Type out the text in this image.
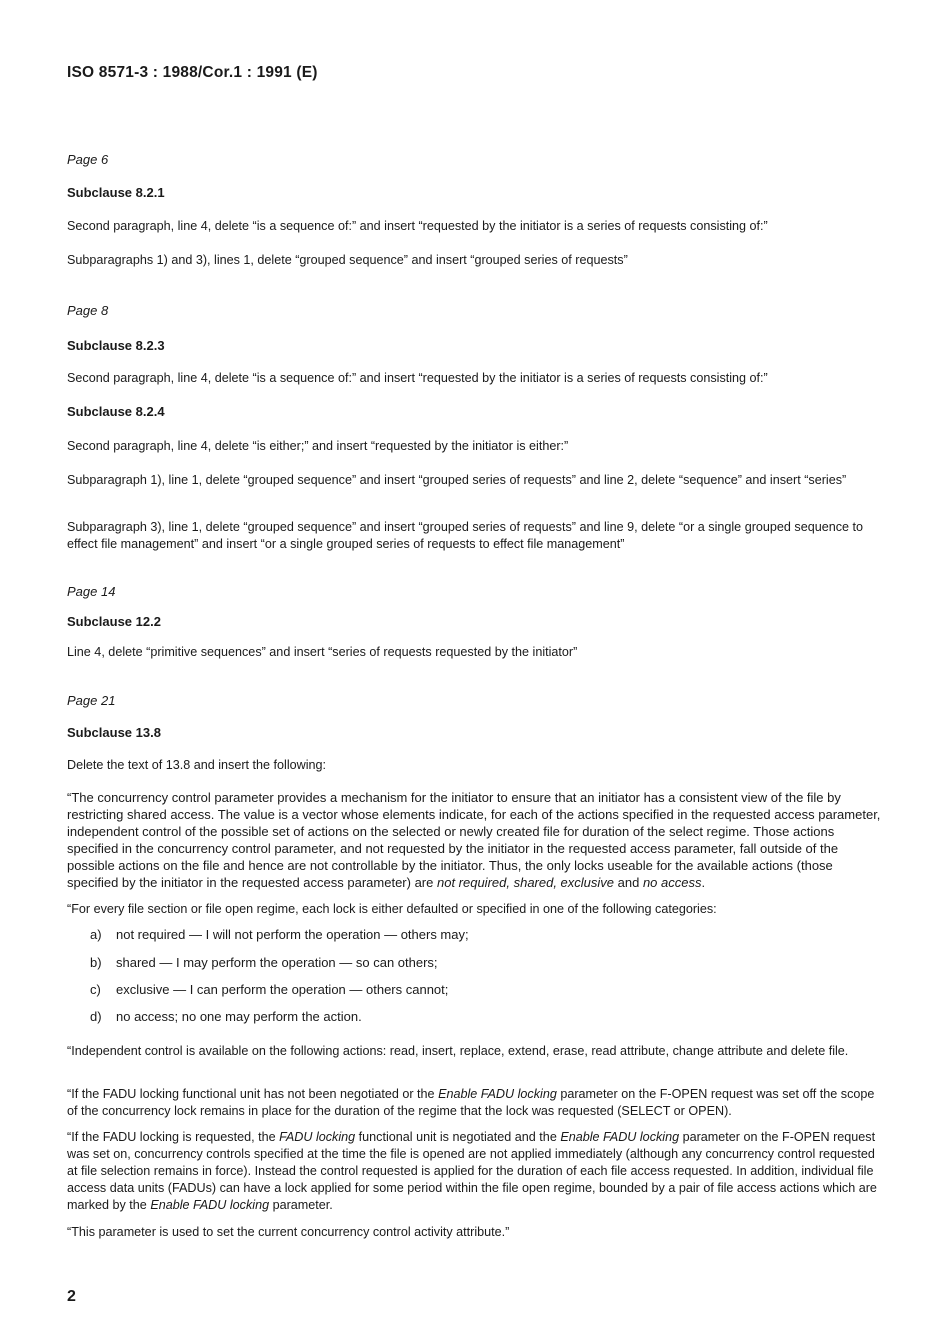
ISO 8571-3 : 1988/Cor.1 : 1991 (E)
Page 6
Subclause 8.2.1
Second paragraph, line 4, delete “is a sequence of:” and insert “requested by the initiator is a series of requests consisting of:”
Subparagraphs 1) and 3), lines 1, delete “grouped sequence” and insert “grouped series of requests”
Page 8
Subclause 8.2.3
Second paragraph, line 4, delete “is a sequence of:” and insert “requested by the initiator is a series of requests consisting of:”
Subclause 8.2.4
Second paragraph, line 4, delete “is either;” and insert “requested by the initiator is either:”
Subparagraph 1), line 1, delete “grouped sequence” and insert “grouped series of requests” and line 2, delete “sequence” and insert “series”
Subparagraph 3), line 1, delete “grouped sequence” and insert “grouped series of requests” and line 9, delete “or a single grouped sequence to effect file management” and insert “or a single grouped series of requests to effect file management”
Page 14
Subclause 12.2
Line 4, delete “primitive sequences” and insert “series of requests requested by the initiator”
Page 21
Subclause 13.8
Delete the text of 13.8 and insert the following:
“The concurrency control parameter provides a mechanism for the initiator to ensure that an initiator has a consistent view of the file by restricting shared access. The value is a vector whose elements indicate, for each of the actions specified in the requested access parameter, independent control of the possible set of actions on the selected or newly created file for duration of the select regime. Those actions specified in the concurrency control parameter, and not requested by the initiator in the requested access parameter, fall outside of the possible actions on the file and hence are not controllable by the initiator. Thus, the only locks useable for the available actions (those specified by the initiator in the requested access parameter) are not required, shared, exclusive and no access.
“For every file section or file open regime, each lock is either defaulted or specified in one of the following categories:
a) not required — I will not perform the operation — others may;
b) shared — I may perform the operation — so can others;
c) exclusive — I can perform the operation — others cannot;
d) no access; no one may perform the action.
“Independent control is available on the following actions: read, insert, replace, extend, erase, read attribute, change attribute and delete file.
“If the FADU locking functional unit has not been negotiated or the Enable FADU locking parameter on the F-OPEN request was set off the scope of the concurrency lock remains in place for the duration of the regime that the lock was requested (SELECT or OPEN).
“If the FADU locking is requested, the FADU locking functional unit is negotiated and the Enable FADU locking parameter on the F-OPEN request was set on, concurrency controls specified at the time the file is opened are not applied immediately (although any concurrency control requested at file selection remains in force). Instead the control requested is applied for the duration of each file access requested. In addition, individual file access data units (FADUs) can have a lock applied for some period within the file open regime, bounded by a pair of file access actions which are marked by the Enable FADU locking parameter.
“This parameter is used to set the current concurrency control activity attribute.”
2
